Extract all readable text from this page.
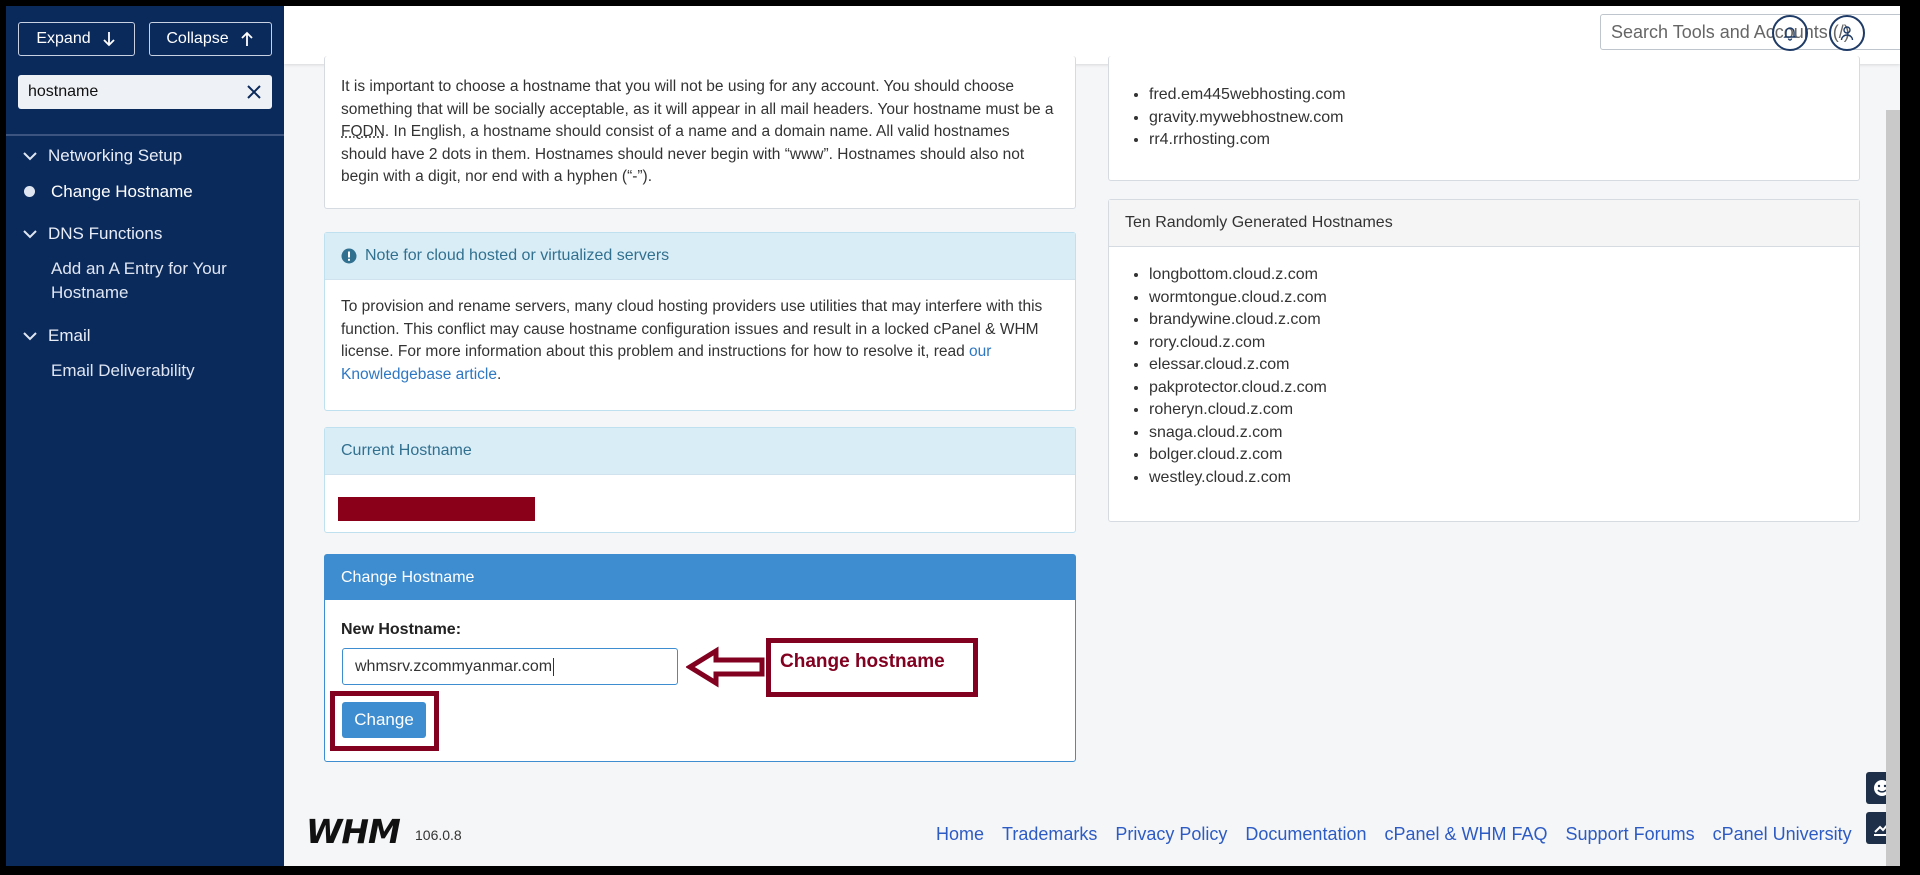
Expand	Collapse
hostname
Networking Setup
Change Hostname
DNS Functions
Add an A Entry for Your Hostname
Email
Email Deliverability
Search Tools and Accounts (/)
It is important to choose a hostname that you will not be using for any account. You should choose something that will be socially acceptable, as it will appear in all mail headers. Your hostname must be a FQDN. In English, a hostname should consist of a name and a domain name. All valid hostnames should have 2 dots in them. Hostnames should never begin with “www”. Hostnames should also not begin with a digit, nor end with a hyphen (“-”).
Note for cloud hosted or virtualized servers
To provision and rename servers, many cloud hosting providers use utilities that may interfere with this function. This conflict may cause hostname configuration issues and result in a locked cPanel & WHM license. For more information about this problem and instructions for how to resolve it, read our Knowledgebase article.
Current Hostname
Change Hostname
New Hostname:
whmsrv.zcommyanmar.com
Change
Change hostname
• fred.em445webhosting.com
• gravity.mywebhostnew.com
• rr4.rrhosting.com
Ten Randomly Generated Hostnames
• longbottom.cloud.z.com
• wormtongue.cloud.z.com
• brandywine.cloud.z.com
• rory.cloud.z.com
• elessar.cloud.z.com
• pakprotector.cloud.z.com
• roheryn.cloud.z.com
• snaga.cloud.z.com
• bolger.cloud.z.com
• westley.cloud.z.com
WHM 106.0.8	Home Trademarks Privacy Policy Documentation cPanel & WHM FAQ Support Forums cPanel University
